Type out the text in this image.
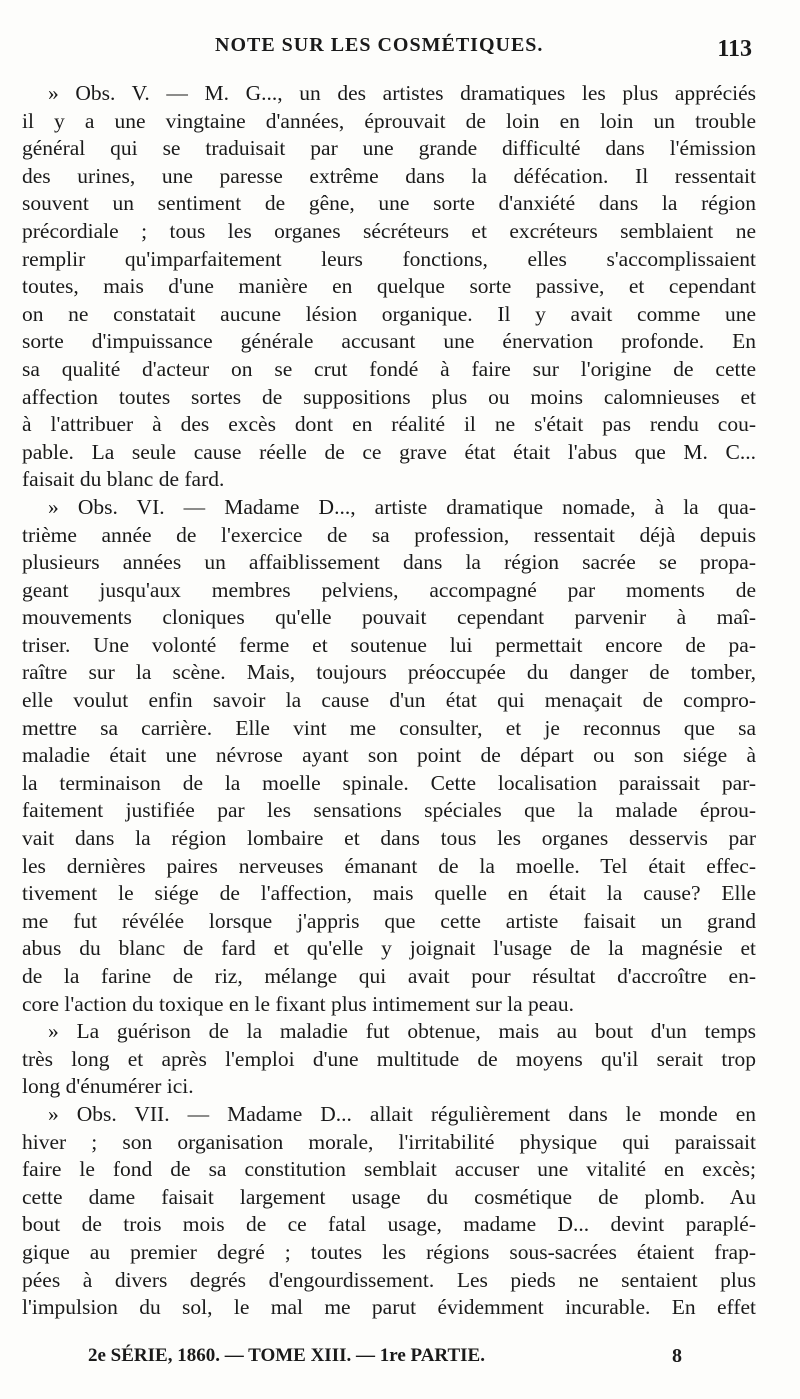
NOTE SUR LES COSMÉTIQUES.	113
» Obs. V. — M. G..., un des artistes dramatiques les plus appréciés
il y a une vingtaine d'années, éprouvait de loin en loin un trouble
général qui se traduisait par une grande difficulté dans l'émission
des urines, une paresse extrême dans la défécation. Il ressentait
souvent un sentiment de gêne, une sorte d'anxiété dans la région
précordiale ; tous les organes sécréteurs et excréteurs semblaient ne
remplir qu'imparfaitement leurs fonctions, elles s'accomplissaient
toutes, mais d'une manière en quelque sorte passive, et cependant
on ne constatait aucune lésion organique. Il y avait comme une
sorte d'impuissance générale accusant une énervation profonde. En
sa qualité d'acteur on se crut fondé à faire sur l'origine de cette
affection toutes sortes de suppositions plus ou moins calomnieuses et
à l'attribuer à des excès dont en réalité il ne s'était pas rendu cou-
pable. La seule cause réelle de ce grave état était l'abus que M. C...
faisait du blanc de fard.
» Obs. VI. — Madame D..., artiste dramatique nomade, à la qua-
trième année de l'exercice de sa profession, ressentait déjà depuis
plusieurs années un affaiblissement dans la région sacrée se propa-
geant jusqu'aux membres pelviens, accompagné par moments de
mouvements cloniques qu'elle pouvait cependant parvenir à maî-
triser. Une volonté ferme et soutenue lui permettait encore de pa-
raître sur la scène. Mais, toujours préoccupée du danger de tomber,
elle voulut enfin savoir la cause d'un état qui menaçait de compro-
mettre sa carrière. Elle vint me consulter, et je reconnus que sa
maladie était une névrose ayant son point de départ ou son siége à
la terminaison de la moelle spinale. Cette localisation paraissait par-
faitement justifiée par les sensations spéciales que la malade éprou-
vait dans la région lombaire et dans tous les organes desservis par
les dernières paires nerveuses émanant de la moelle. Tel était effec-
tivement le siége de l'affection, mais quelle en était la cause? Elle
me fut révélée lorsque j'appris que cette artiste faisait un grand
abus du blanc de fard et qu'elle y joignait l'usage de la magnésie et
de la farine de riz, mélange qui avait pour résultat d'accroître en-
core l'action du toxique en le fixant plus intimement sur la peau.
» La guérison de la maladie fut obtenue, mais au bout d'un temps
très long et après l'emploi d'une multitude de moyens qu'il serait trop
long d'énumérer ici.
» Obs. VII. — Madame D... allait régulièrement dans le monde en
hiver ; son organisation morale, l'irritabilité physique qui paraissait
faire le fond de sa constitution semblait accuser une vitalité en excès;
cette dame faisait largement usage du cosmétique de plomb. Au
bout de trois mois de ce fatal usage, madame D... devint paraplé-
gique au premier degré ; toutes les régions sous-sacrées étaient frap-
pées à divers degrés d'engourdissement. Les pieds ne sentaient plus
l'impulsion du sol, le mal me parut évidemment incurable. En effet
2e SÉRIE, 1860. — TOME XIII. — 1re PARTIE.	8
